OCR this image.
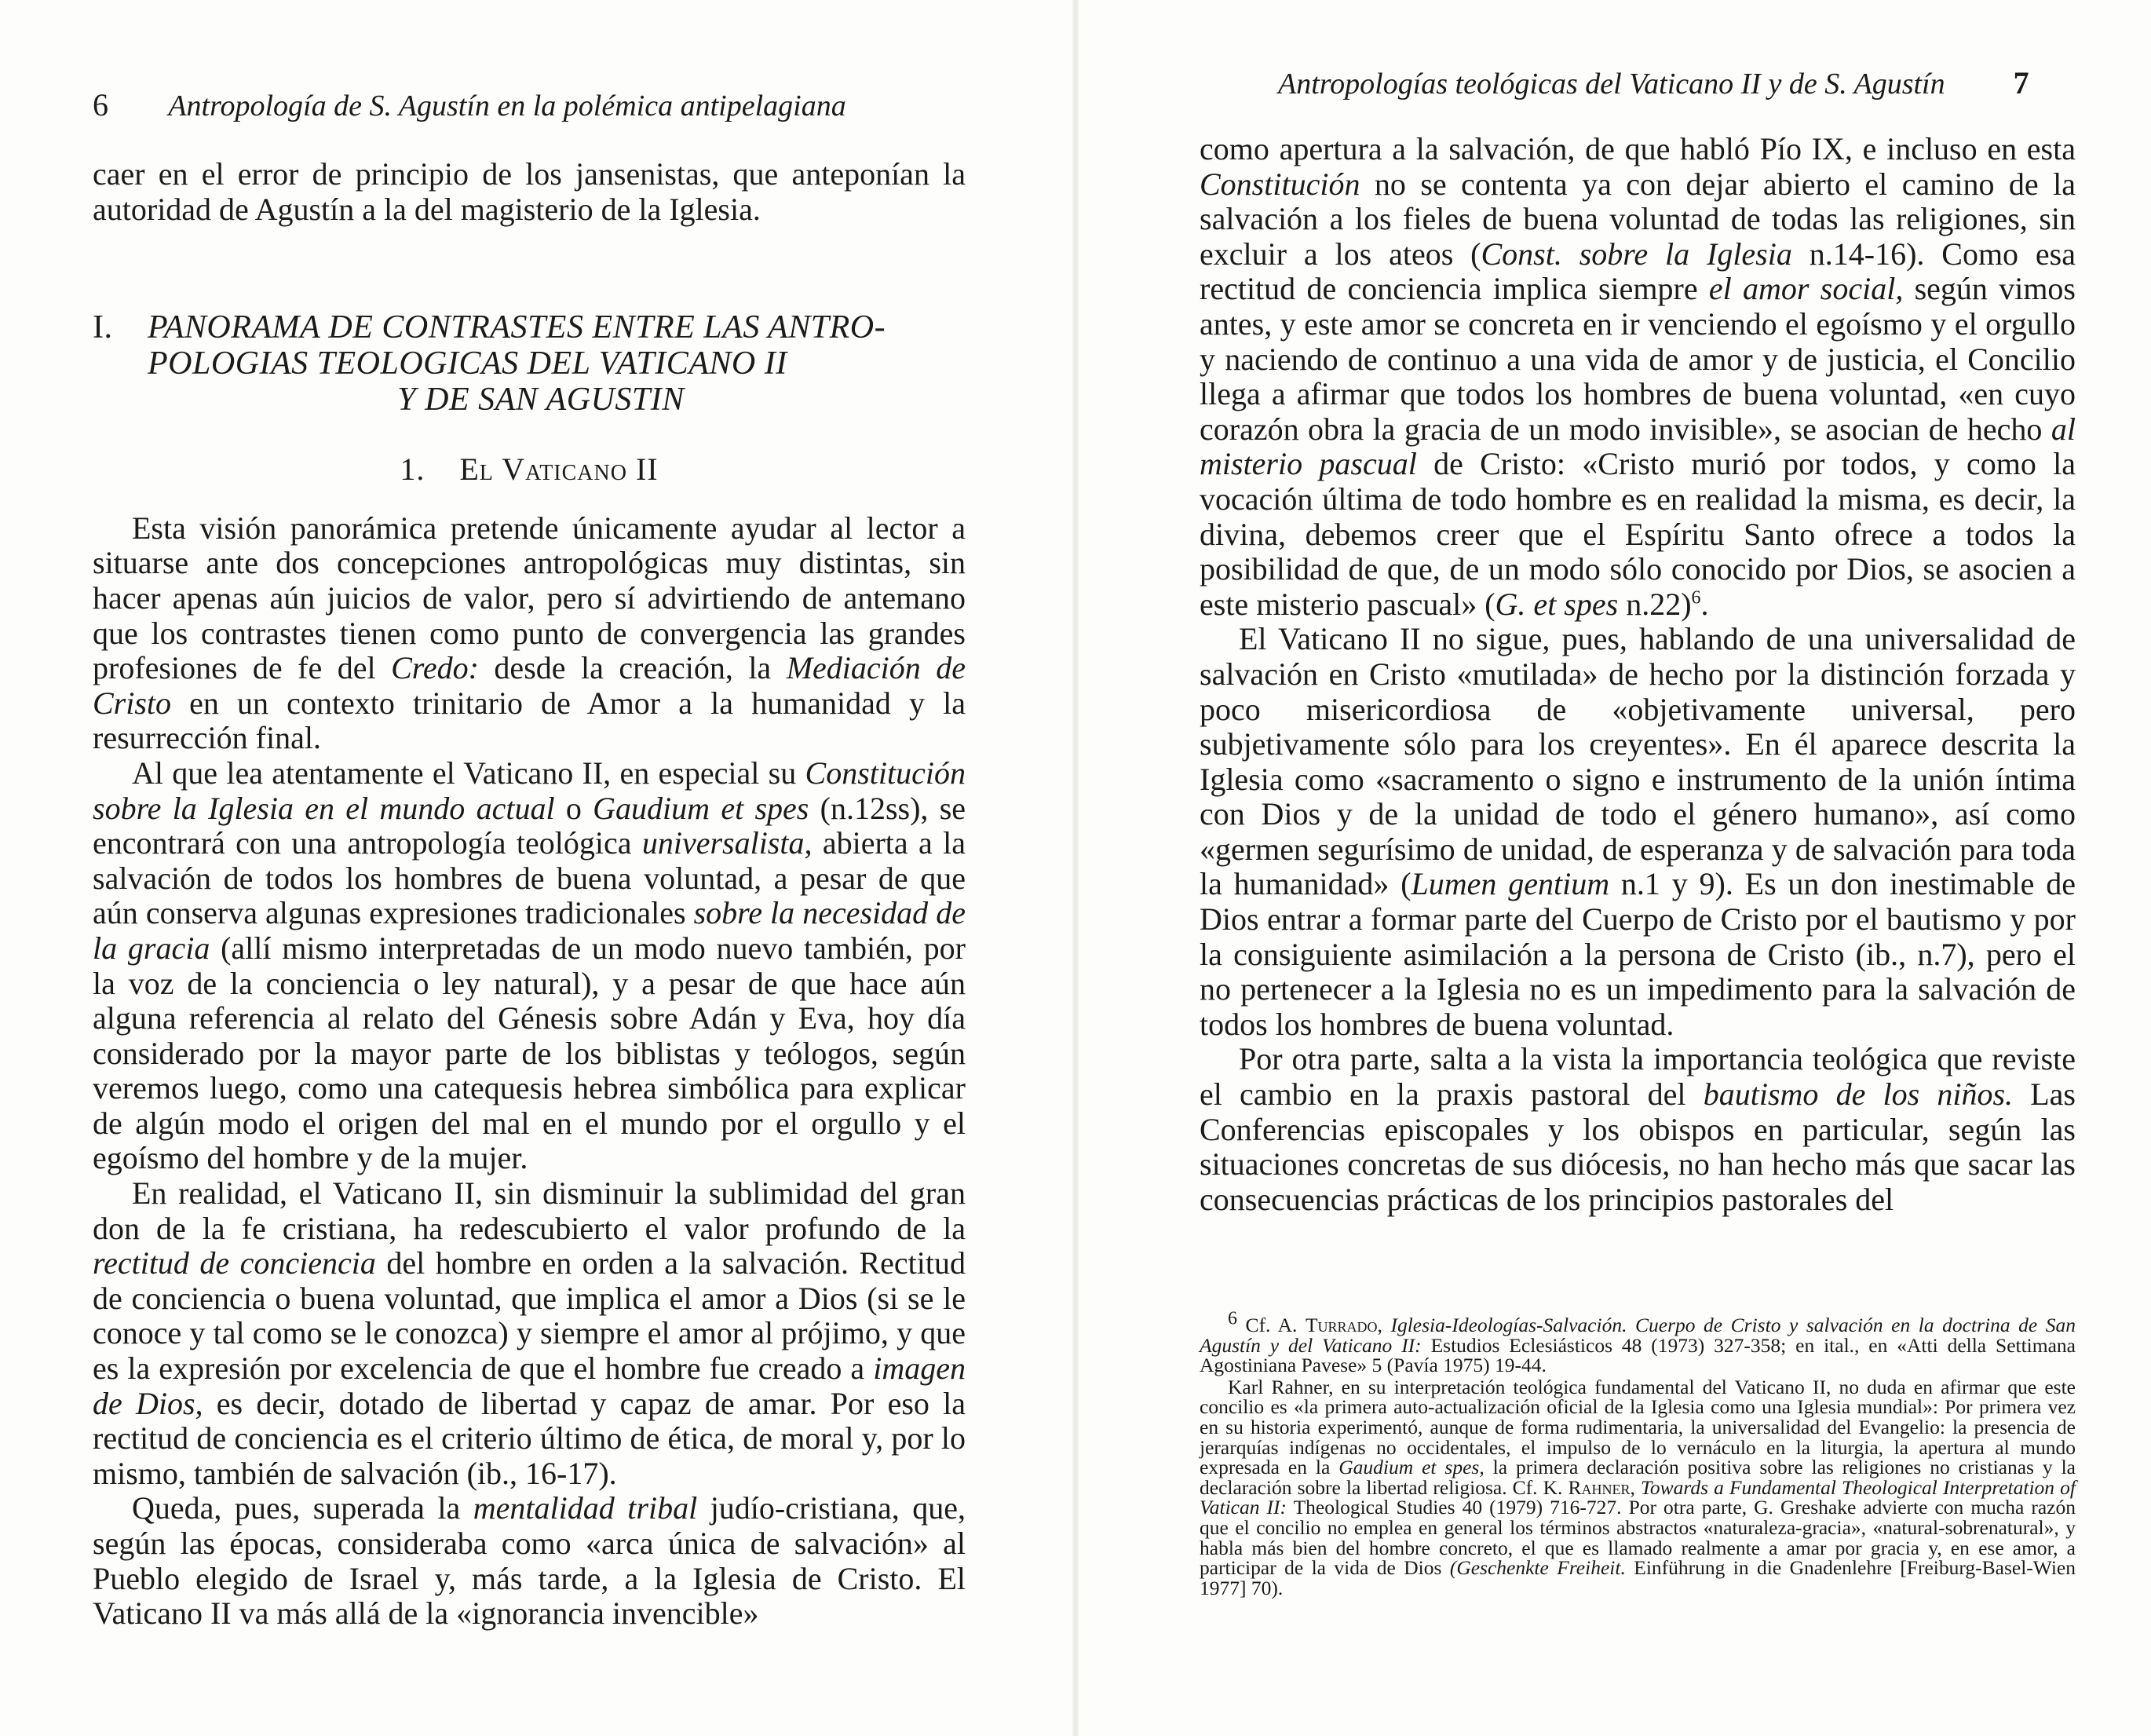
6 Antropología de S. Agustín en la polémica antipelagiana

caer en el error de principio de los jansenistas, que anteponían la autoridad de Agustín a la del magisterio de la Iglesia.

I. PANORAMA DE CONTRASTES ENTRE LAS ANTRO-
POLOGIAS TEOLOGICAS DEL VATICANO II
Y DE SAN AGUSTIN
1. El Vaticano II

Esta visión panorámica pretende únicamente ayudar al lector a situarse ante dos concepciones antropológicas muy distintas, sin hacer apenas aún juicios de valor, pero sí advirtiendo de antemano que los contrastes tienen como punto de convergencia las grandes profesiones de fe del Credo: desde la creación, la Mediación de Cristo en un contexto trinitario de Amor a la humanidad y la resurrección final.

Al que lea atentamente el Vaticano II, en especial su Constitución sobre la Iglesia en el mundo actual o Gaudium et spes (n.12ss), se encontrará con una antropología teológica universalista, abierta a la salvación de todos los hombres de buena voluntad, a pesar de que aún conserva algunas expresiones tradicionales sobre la necesidad de la gracia (allí mismo interpretadas de un modo nuevo también, por la voz de la conciencia o ley natural), y a pesar de que hace aún alguna referencia al relato del Génesis sobre Adán y Eva, hoy día considerado por la mayor parte de los biblistas y teólogos, según veremos luego, como una catequesis hebrea simbólica para explicar de algún modo el origen del mal en el mundo por el orgullo y el egoísmo del hombre y de la mujer.

En realidad, el Vaticano II, sin disminuir la sublimidad del gran don de la fe cristiana, ha redescubierto el valor profundo de la rectitud de conciencia del hombre en orden a la salvación. Rectitud de conciencia o buena voluntad, que implica el amor a Dios (si se le conoce y tal como se le conozca) y siempre el amor al prójimo, y que es la expresión por excelencia de que el hombre fue creado a imagen de Dios, es decir, dotado de libertad y capaz de amar. Por eso la rectitud de conciencia es el criterio último de ética, de moral y, por lo mismo, también de salvación (ib., 16-17).

Queda, pues, superada la mentalidad tribal judío-cristiana, que, según las épocas, consideraba como «arca única de salvación» al Pueblo elegido de Israel y, más tarde, a la Iglesia de Cristo. El Vaticano II va más allá de la «ignorancia invencible»

Antropologías teológicas del Vaticano II y de S. Agustín 7

como apertura a la salvación, de que habló Pío IX, e incluso en esta Constitución no se contenta ya con dejar abierto el camino de la salvación a los fieles de buena voluntad de todas las religiones, sin excluir a los ateos (Const. sobre la Iglesia n.14-16). Como esa rectitud de conciencia implica siempre el amor social, según vimos antes, y este amor se concreta en ir venciendo el egoísmo y el orgullo y naciendo de continuo a una vida de amor y de justicia, el Concilio llega a afirmar que todos los hombres de buena voluntad, «en cuyo corazón obra la gracia de un modo invisible», se asocian de hecho al misterio pascual de Cristo: «Cristo murió por todos, y como la vocación última de todo hombre es en realidad la misma, es decir, la divina, debemos creer que el Espíritu Santo ofrece a todos la posibilidad de que, de un modo sólo conocido por Dios, se asocien a este misterio pascual» (G. et spes n.22)$^6$.

El Vaticano II no sigue, pues, hablando de una universalidad de salvación en Cristo «mutilada» de hecho por la distinción forzada y poco misericordiosa de «objetivamente universal, pero subjetivamente sólo para los creyentes». En él aparece descrita la Iglesia como «sacramento o signo e instrumento de la unión íntima con Dios y de la unidad de todo el género humano», así como «germen segurísimo de unidad, de esperanza y de salvación para toda la humanidad» (Lumen gentium n.1 y 9). Es un don inestimable de Dios entrar a formar parte del Cuerpo de Cristo por el bautismo y por la consiguiente asimilación a la persona de Cristo (ib., n.7), pero el no pertenecer a la Iglesia no es un impedimento para la salvación de todos los hombres de buena voluntad.

Por otra parte, salta a la vista la importancia teológica que reviste el cambio en la praxis pastoral del bautismo de los niños. Las Conferencias episcopales y los obispos en particular, según las situaciones concretas de sus diócesis, no han hecho más que sacar las consecuencias prácticas de los principios pastorales del

$^6$ Cf. A. Turrado, Iglesia-Ideologías-Salvación. Cuerpo de Cristo y salvación en la doctrina de San Agustín y del Vaticano II: Estudios Eclesiásticos 48 (1973) 327-358; en ital., en «Atti della Settimana Agostiniana Pavese» 5 (Pavía 1975) 19-44.

Karl Rahner, en su interpretación teológica fundamental del Vaticano II, no duda en afirmar que este concilio es «la primera auto-actualización oficial de la Iglesia como una Iglesia mundial»: Por primera vez en su historia experimentó, aunque de forma rudimentaria, la universalidad del Evangelio: la presencia de jerarquías indígenas no occidentales, el impulso de lo vernáculo en la liturgia, la apertura al mundo expresada en la Gaudium et spes, la primera declaración positiva sobre las religiones no cristianas y la declaración sobre la libertad religiosa. Cf. K. Rahner, Towards a Fundamental Theological Interpretation of Vatican II: Theological Studies 40 (1979) 716-727. Por otra parte, G. Greshake advierte con mucha razón que el concilio no emplea en general los términos abstractos «naturaleza-gracia», «natural-sobrenatural», y habla más bien del hombre concreto, el que es llamado realmente a amar por gracia y, en ese amor, a participar de la vida de Dios (Geschenkte Freiheit. Einführung in die Gnadenlehre [Freiburg-Basel-Wien 1977] 70).
